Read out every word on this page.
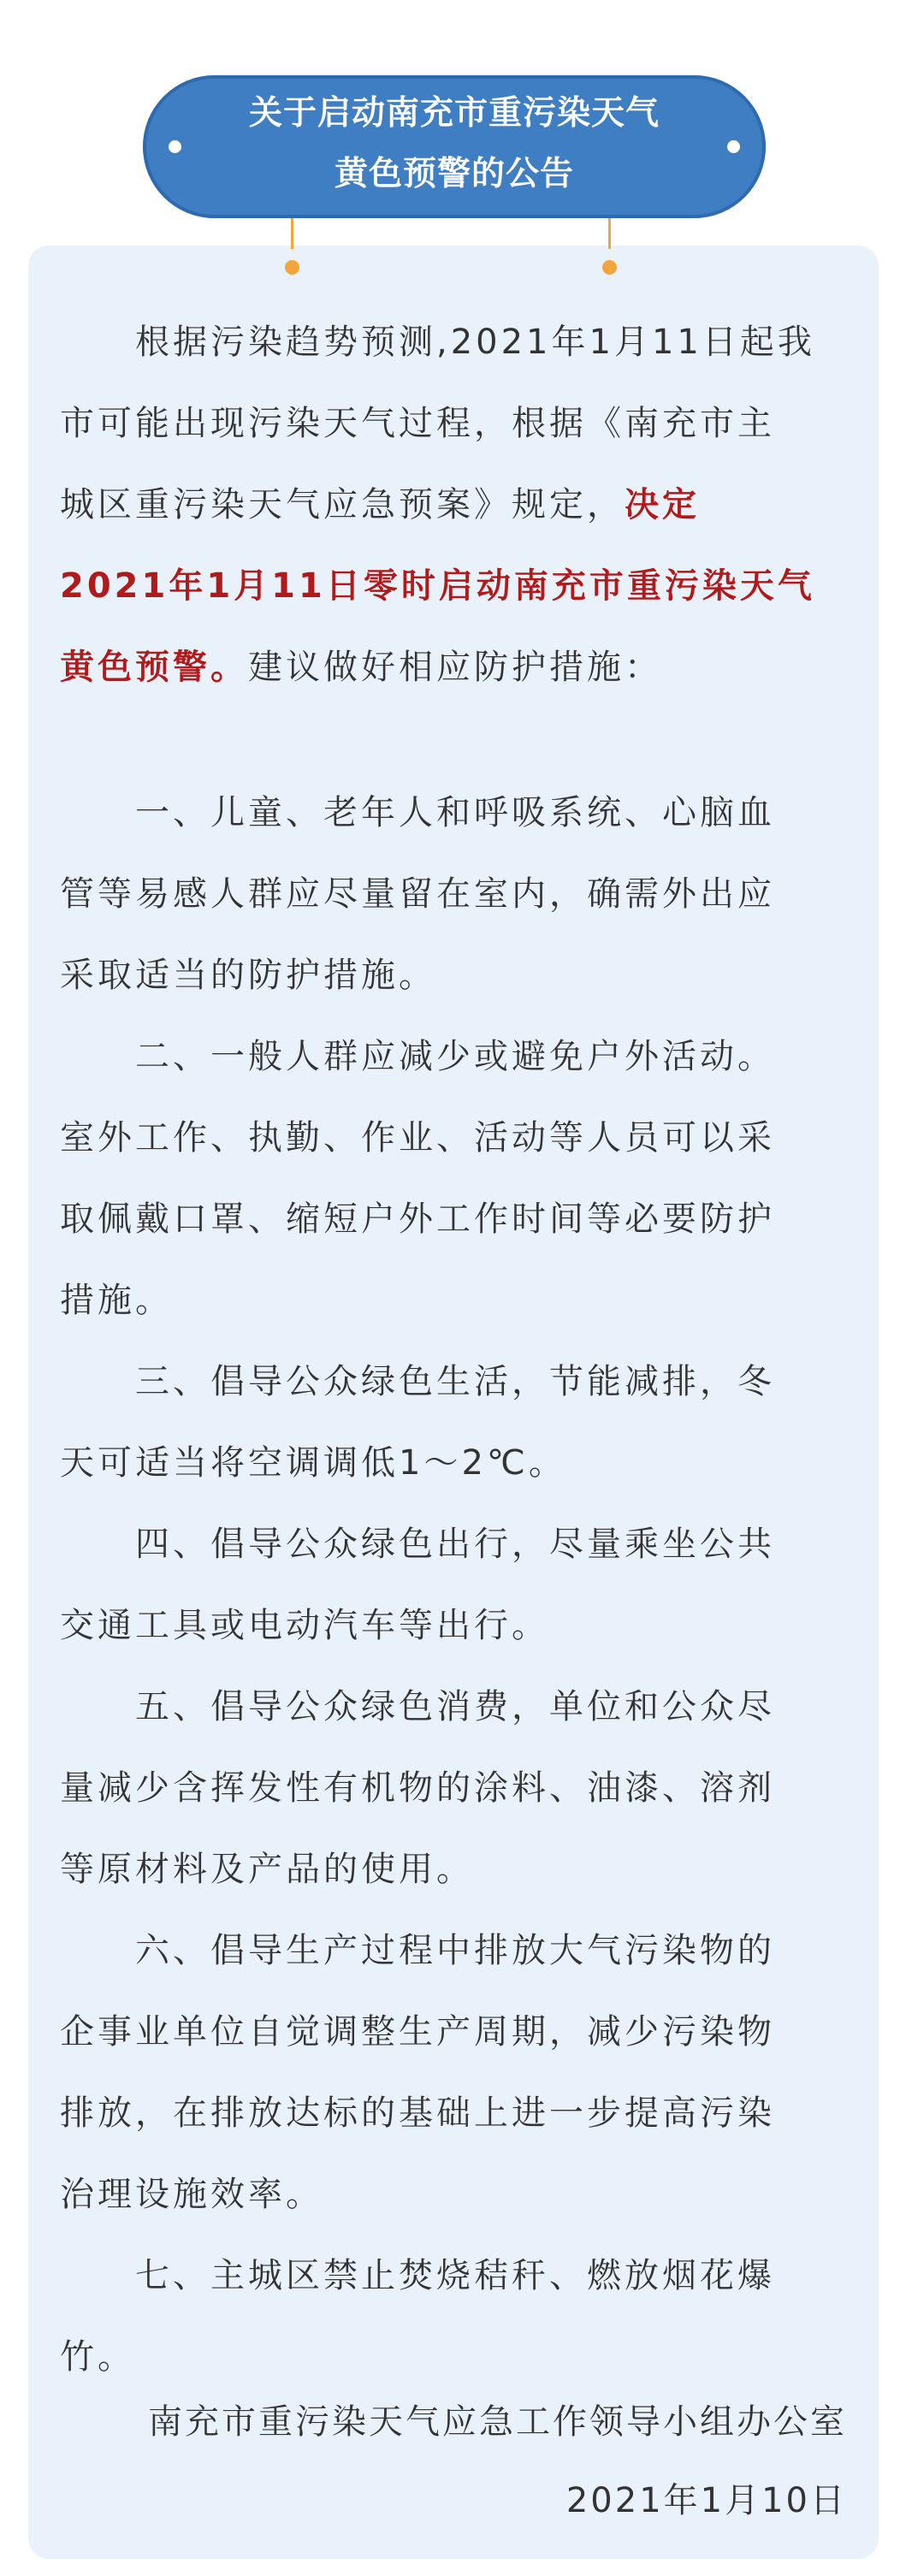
关于启动南充市重污染天气
黄色预警的公告
根据污染趋势预测,2021年1月11日起我
市可能出现污染天气过程，根据《南充市主
城区重污染天气应急预案》规定，决定
2021年1月11日零时启动南充市重污染天气
黄色预警。建议做好相应防护措施：
一、儿童、老年人和呼吸系统、心脑血
管等易感人群应尽量留在室内，确需外出应
采取适当的防护措施。
二、一般人群应减少或避免户外活动。
室外工作、执勤、作业、活动等人员可以采
取佩戴口罩、缩短户外工作时间等必要防护
措施。
三、倡导公众绿色生活，节能减排，冬
天可适当将空调调低1～2℃。
四、倡导公众绿色出行，尽量乘坐公共
交通工具或电动汽车等出行。
五、倡导公众绿色消费，单位和公众尽
量减少含挥发性有机物的涂料、油漆、溶剂
等原材料及产品的使用。
六、倡导生产过程中排放大气污染物的
企事业单位自觉调整生产周期，减少污染物
排放，在排放达标的基础上进一步提高污染
治理设施效率。
七、主城区禁止焚烧秸秆、燃放烟花爆
竹。
南充市重污染天气应急工作领导小组办公室
2021年1月10日
